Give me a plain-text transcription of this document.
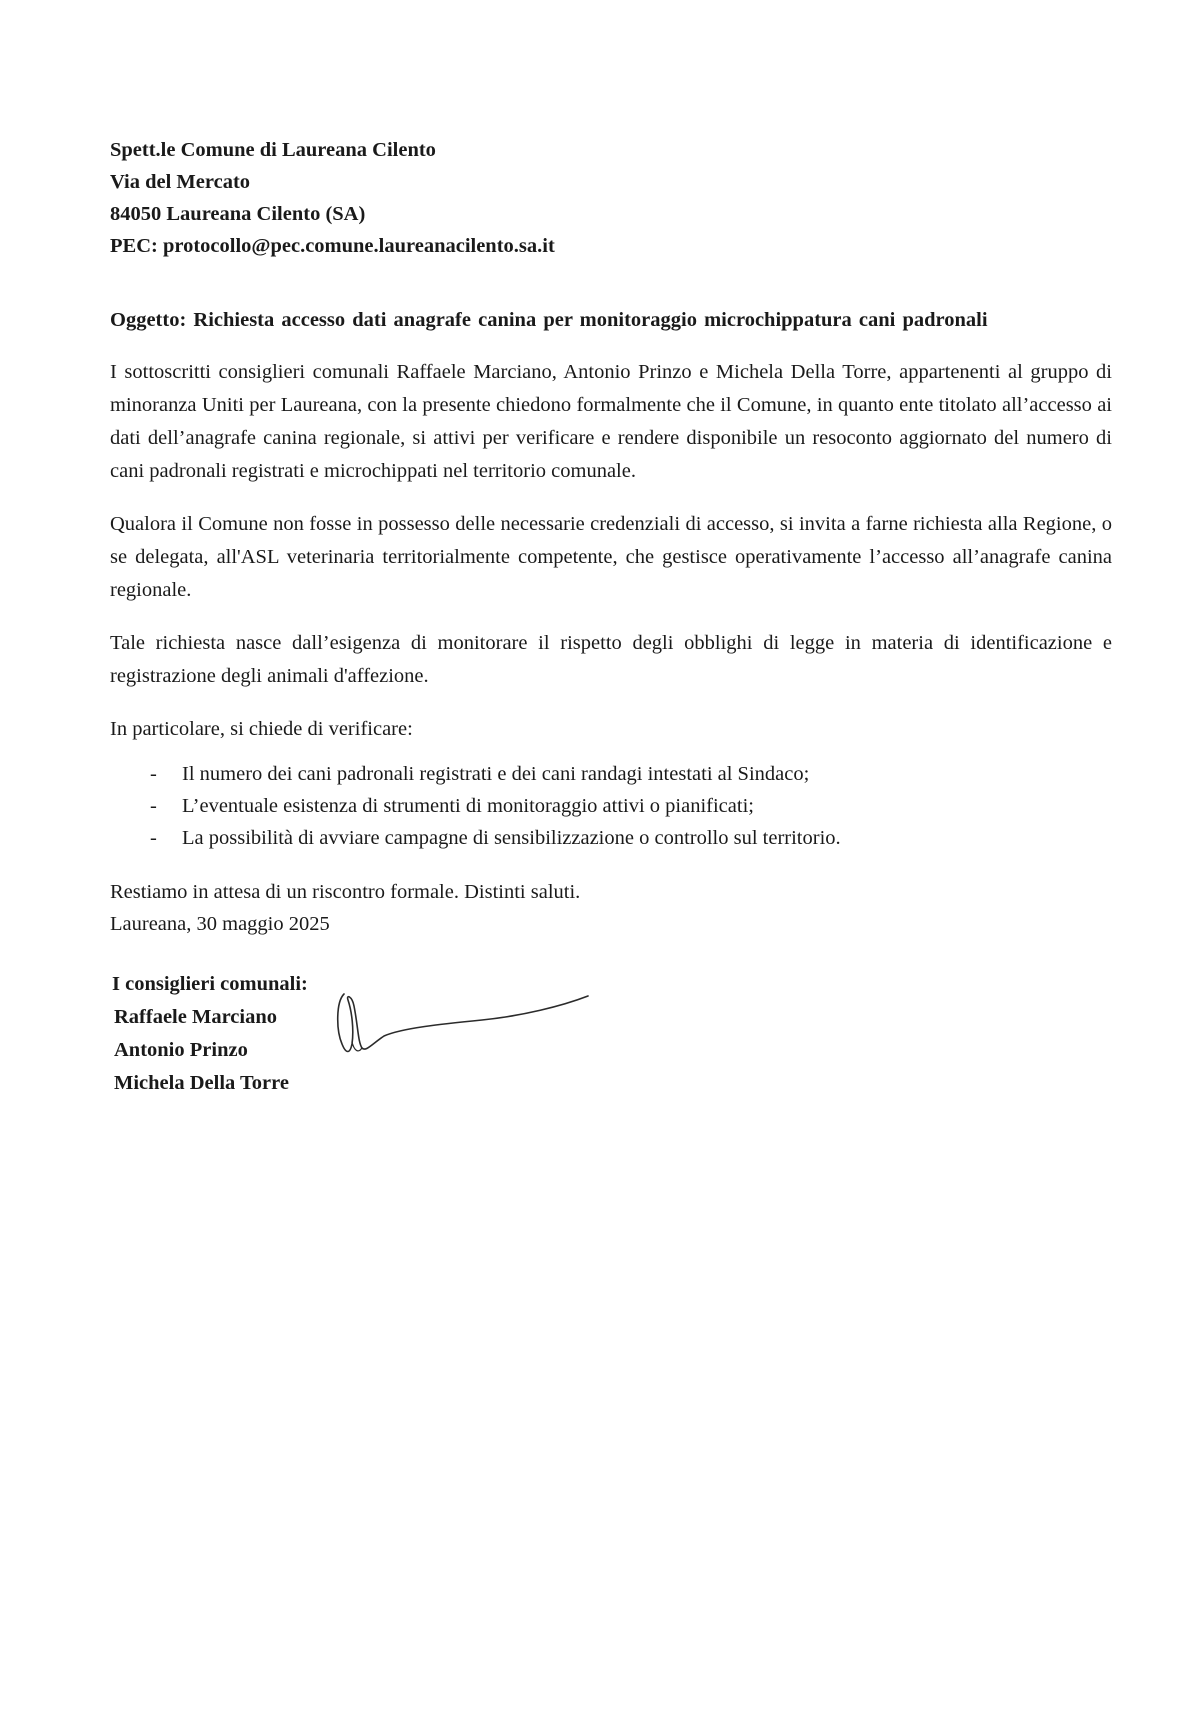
Spett.le Comune di Laureana Cilento
Via del Mercato
84050 Laureana Cilento (SA)
PEC: protocollo@pec.comune.laureanacilento.sa.it
Oggetto: Richiesta accesso dati anagrafe canina per monitoraggio microchippatura cani padronali
I sottoscritti consiglieri comunali Raffaele Marciano, Antonio Prinzo e Michela Della Torre, appartenenti al gruppo di minoranza Uniti per Laureana, con la presente chiedono formalmente che il Comune, in quanto ente titolato all’accesso ai dati dell’anagrafe canina regionale, si attivi per verificare e rendere disponibile un resoconto aggiornato del numero di cani padronali registrati e microchippati nel territorio comunale.
Qualora il Comune non fosse in possesso delle necessarie credenziali di accesso, si invita a farne richiesta alla Regione, o se delegata, all'ASL veterinaria territorialmente competente, che gestisce operativamente l’accesso all’anagrafe canina regionale.
Tale richiesta nasce dall’esigenza di monitorare il rispetto degli obblighi di legge in materia di identificazione e registrazione degli animali d'affezione.
In particolare, si chiede di verificare:
- Il numero dei cani padronali registrati e dei cani randagi intestati al Sindaco;
- L’eventuale esistenza di strumenti di monitoraggio attivi o pianificati;
- La possibilità di avviare campagne di sensibilizzazione o controllo sul territorio.
Restiamo in attesa di un riscontro formale. Distinti saluti.
Laureana, 30 maggio 2025
I consiglieri comunali:
Raffaele Marciano
Antonio Prinzo
Michela Della Torre
